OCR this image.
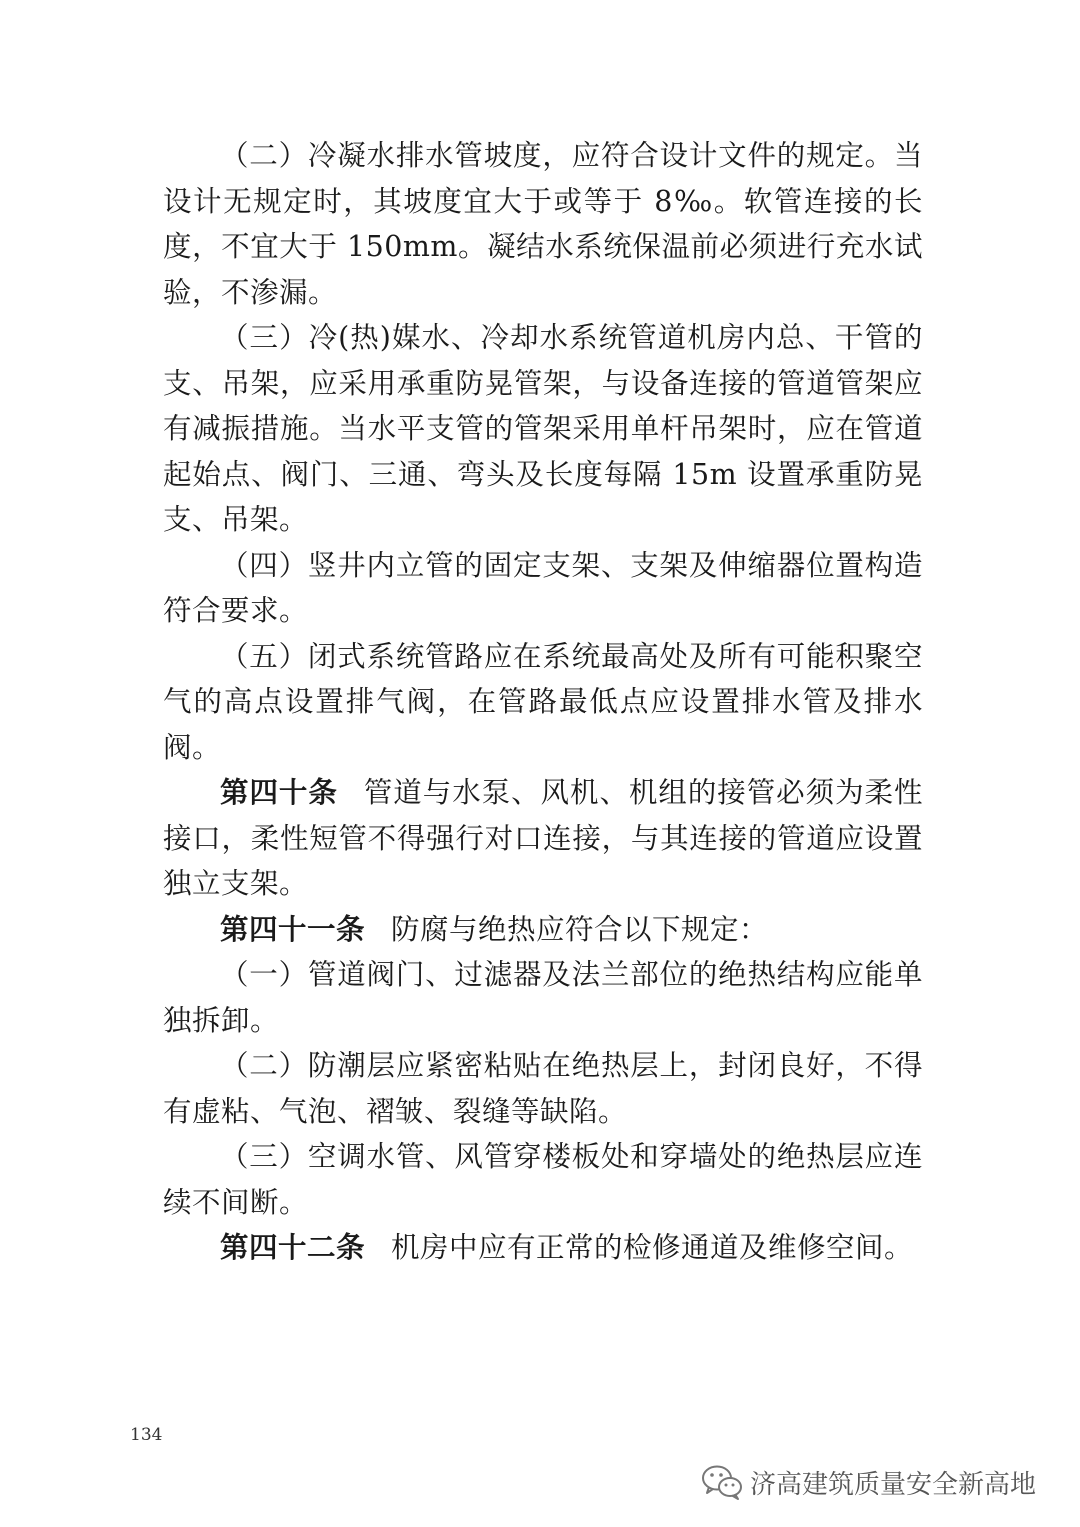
（二）冷凝水排水管坡度，应符合设计文件的规定。当设计无规定时，其坡度宜大于或等于 8‰。软管连接的长度，不宜大于 150mm。凝结水系统保温前必须进行充水试验，不渗漏。

（三）冷(热)媒水、冷却水系统管道机房内总、干管的支、吊架，应采用承重防晃管架，与设备连接的管道管架应有减振措施。当水平支管的管架采用单杆吊架时，应在管道起始点、阀门、三通、弯头及长度每隔 15m 设置承重防晃支、吊架。

（四）竖井内立管的固定支架、支架及伸缩器位置构造符合要求。

（五）闭式系统管路应在系统最高处及所有可能积聚空气的高点设置排气阀，在管路最低点应设置排水管及排水阀。

第四十条 管道与水泵、风机、机组的接管必须为柔性接口，柔性短管不得强行对口连接，与其连接的管道应设置独立支架。

第四十一条 防腐与绝热应符合以下规定：

（一）管道阀门、过滤器及法兰部位的绝热结构应能单独拆卸。

（二）防潮层应紧密粘贴在绝热层上，封闭良好，不得有虚粘、气泡、褶皱、裂缝等缺陷。

（三）空调水管、风管穿楼板处和穿墙处的绝热层应连续不间断。

第四十二条 机房中应有正常的检修通道及维修空间。

134
济高建筑质量安全新高地
